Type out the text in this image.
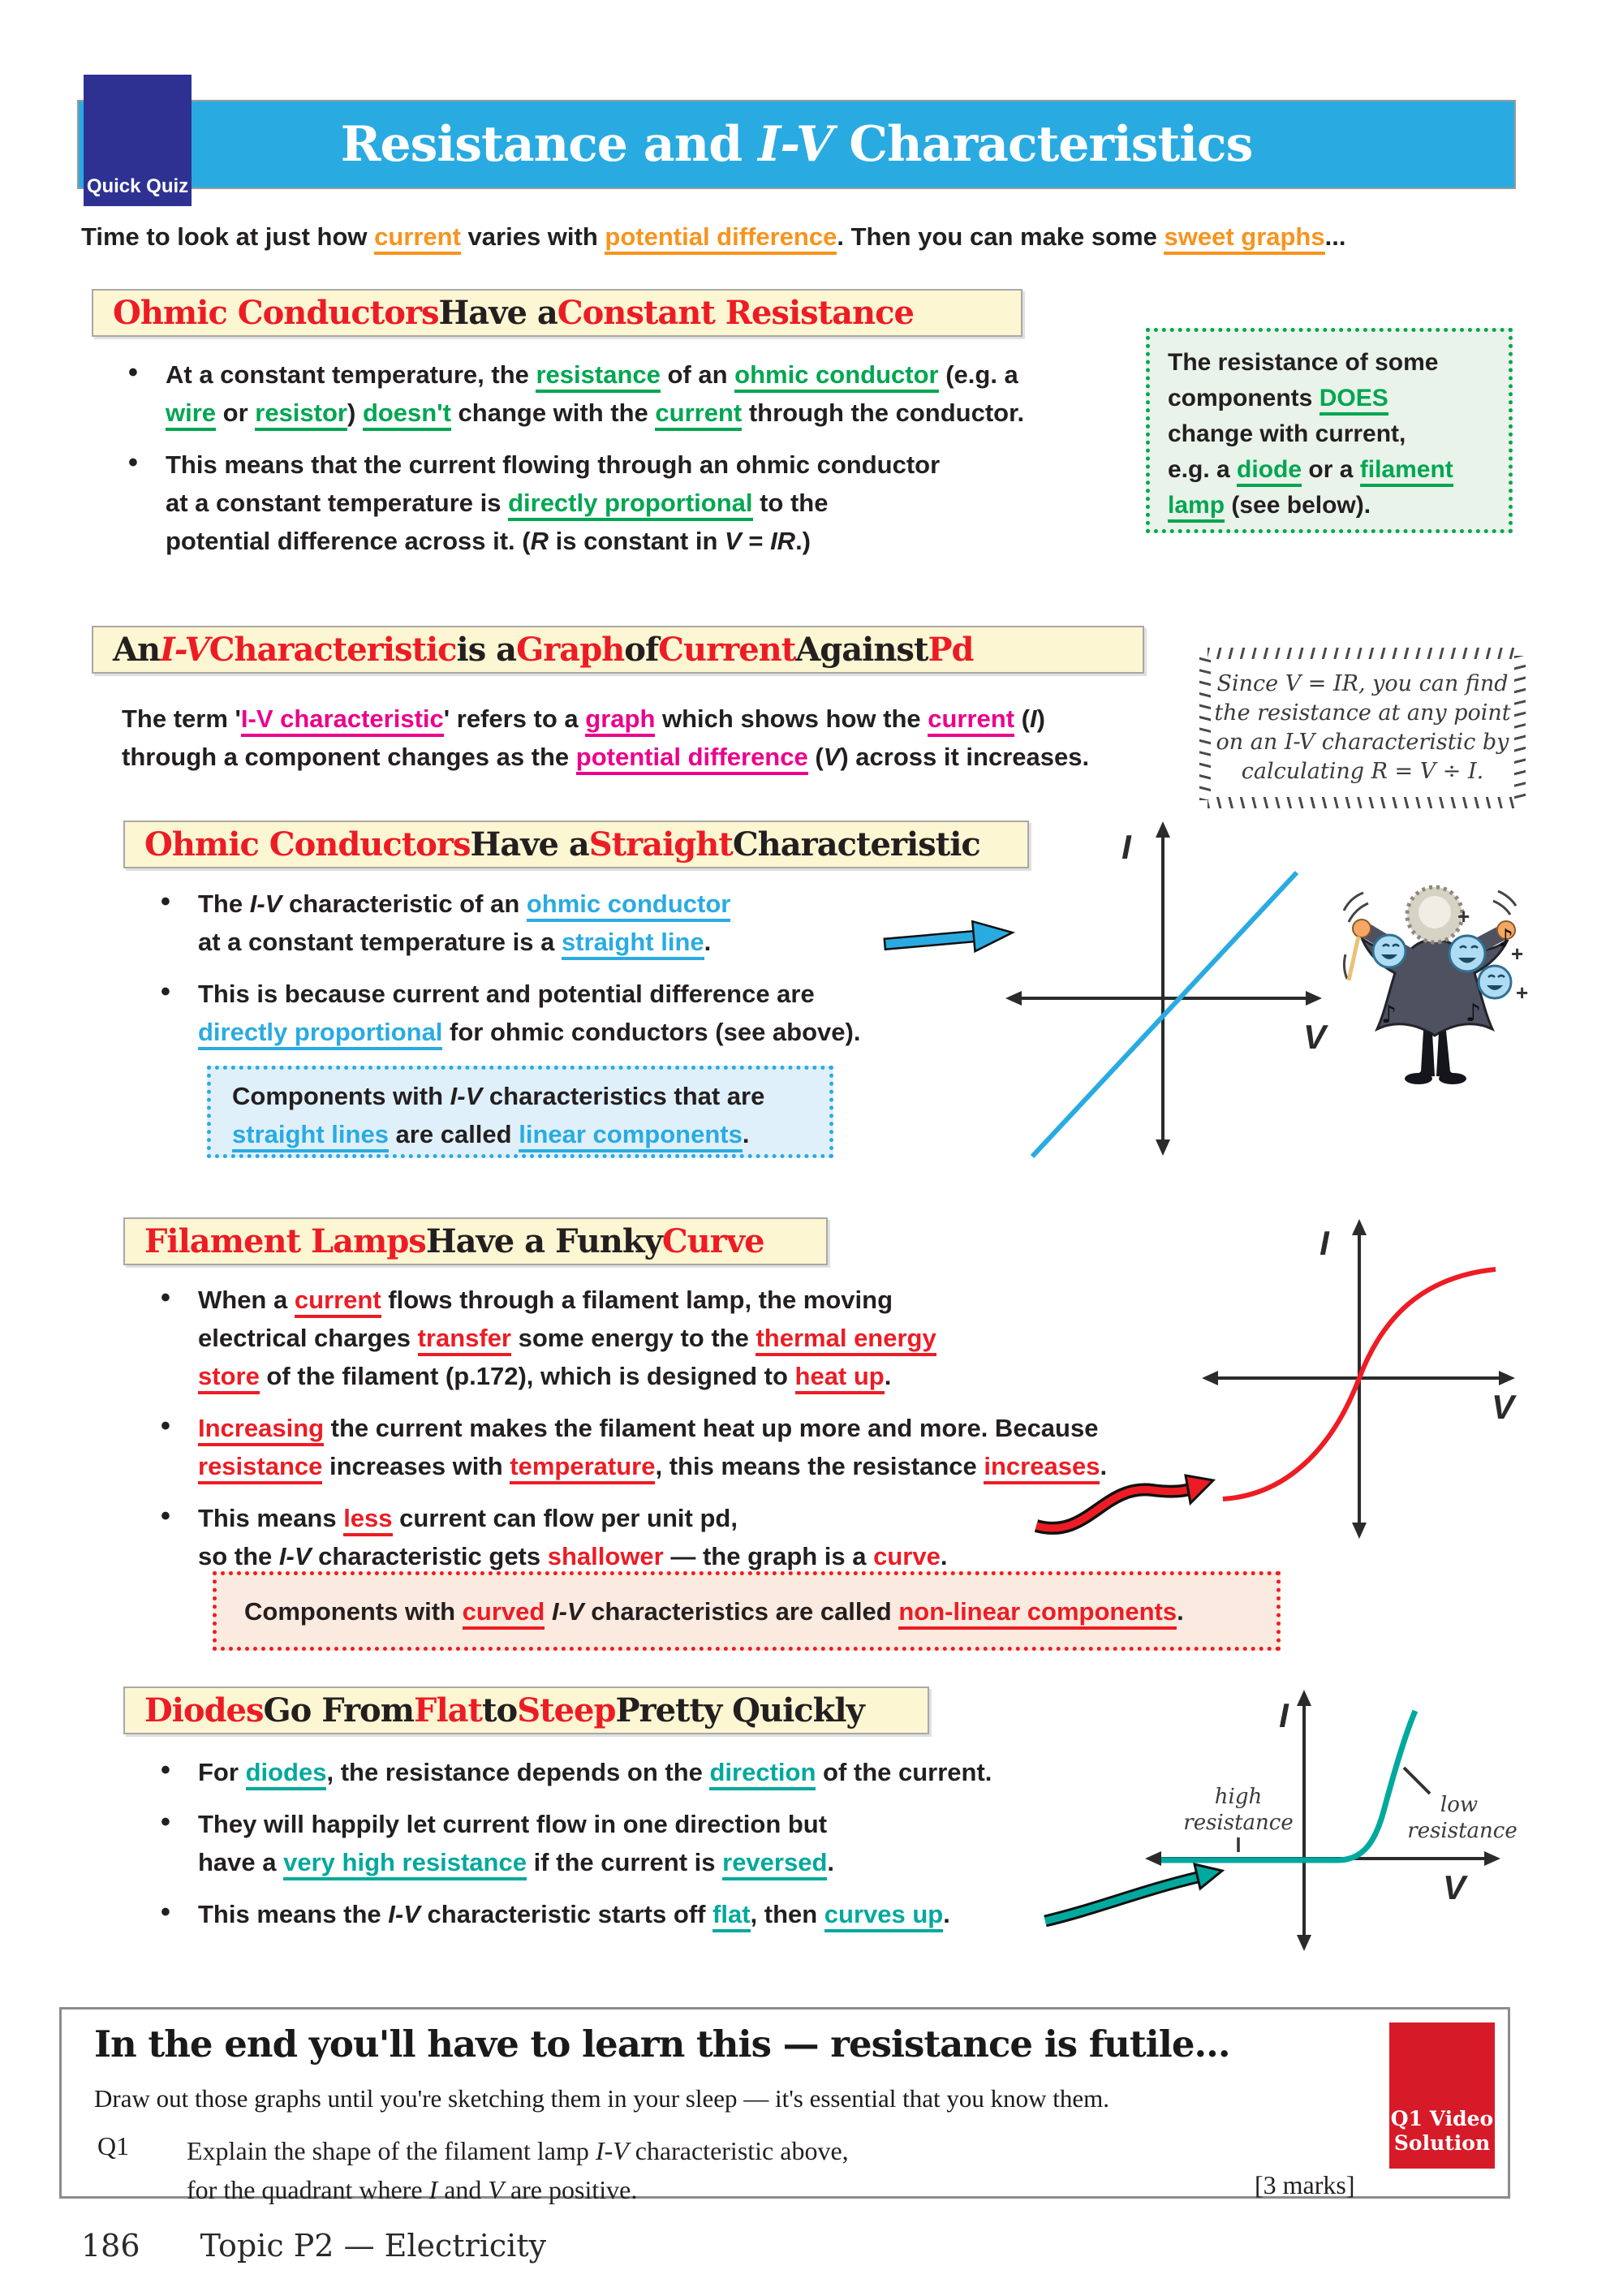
Resistance and I-V Characteristics
Quick Quiz
Time to look at just how current varies with potential difference. Then you can make some sweet graphs...
Ohmic Conductors Have a Constant Resistance
• At a constant temperature, the resistance of an ohmic conductor (e.g. a
wire or resistor) doesn't change with the current through the conductor.
• This means that the current flowing through an ohmic conductor
at a constant temperature is directly proportional to the
potential difference across it. (R is constant in V = IR.)
The resistance of some
components DOES
change with current,
e.g. a diode or a filament
lamp (see below).
An I-V Characteristic is a Graph of Current Against Pd
The term 'I-V characteristic' refers to a graph which shows how the current (I)
through a component changes as the potential difference (V) across it increases.
Since V = IR, you can find the resistance at any point on an I-V characteristic by calculating R = V ÷ I.
Ohmic Conductors Have a Straight Characteristic
• The I-V characteristic of an ohmic conductor
at a constant temperature is a straight line.
• This is because current and potential difference are
directly proportional for ohmic conductors (see above).
I
V
+
+
+
♪	♪
♪
Components with I-V characteristics that are
straight lines are called linear components.
Filament Lamps Have a Funky Curve
• When a current flows through a filament lamp, the moving
electrical charges transfer some energy to the thermal energy
store of the filament (p.172), which is designed to heat up.
• Increasing the current makes the filament heat up more and more. Because
resistance increases with temperature, this means the resistance increases.
• This means less current can flow per unit pd,
so the I-V characteristic gets shallower — the graph is a curve.
I
V
Components with curved I-V characteristics are called non-linear components.
Diodes Go From Flat to Steep Pretty Quickly
• For diodes, the resistance depends on the direction of the current.
• They will happily let current flow in one direction but
have a very high resistance if the current is reversed.
• This means the I-V characteristic starts off flat, then curves up.
I
V
high
resistance
low
resistance
In the end you'll have to learn this — resistance is futile...
Draw out those graphs until you're sketching them in your sleep — it's essential that you know them.
Q1 Explain the shape of the filament lamp I-V characteristic above,
for the quadrant where I and V are positive.	[3 marks]
Q1 Video
Solution
186 Topic P2 — Electricity
